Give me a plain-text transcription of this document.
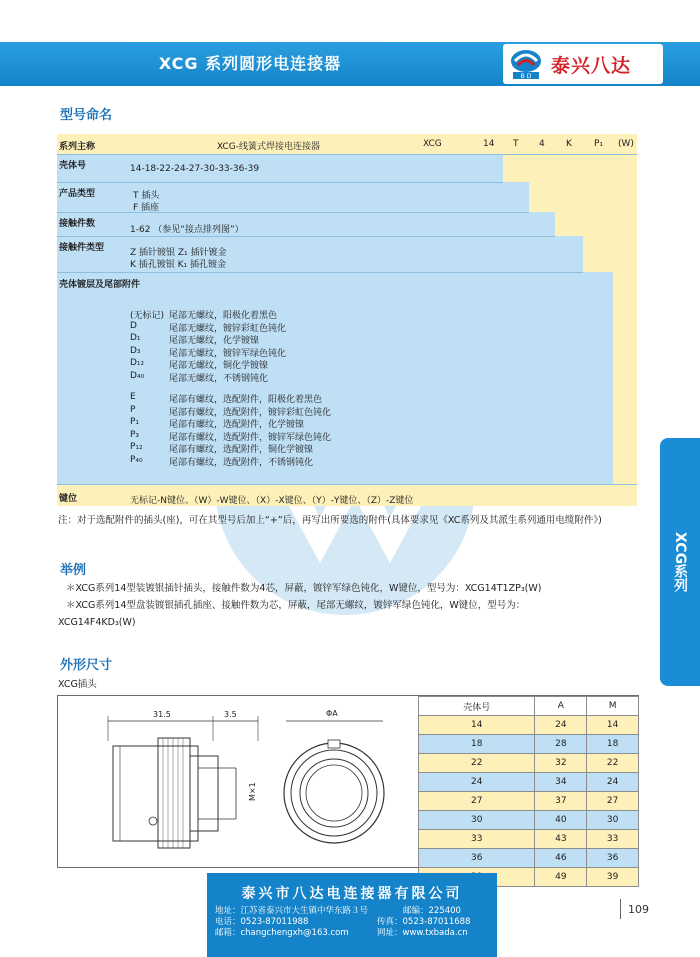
XCG 系列圆形电连接器
B D 泰兴八达
XCG系列
型号命名
系列主称	XCG-线簧式焊接电连接器
壳体号	14-18-22-24-27-30-33-36-39
产品类型	T 插头
F 插座
接触件数
1-62 （参见“接点排列图”）
接触件类型	Z 插针镀银 Z₁ 插针镀金
K 插孔镀银 K₁ 插孔镀金
壳体镀层及尾部附件
(无标记) 尾部无螺纹，阳极化着黑色
D	尾部无螺纹，镀锌彩虹色钝化
D₁	尾部无螺纹，化学镀镍
D₃	尾部无螺纹，镀锌军绿色钝化
D₁₂	尾部无螺纹，铜化学镀镍
D₄₀	尾部无螺纹，不锈钢钝化
E	尾部有螺纹，选配附件，阳极化着黑色
P	尾部有螺纹，选配附件，镀锌彩虹色钝化
P₁	尾部有螺纹，选配附件，化学镀镍
P₃	尾部有螺纹，选配附件，镀锌军绿色钝化
P₁₂	尾部有螺纹，选配附件，铜化学镀镍
P₄₀	尾部有螺纹，选配附件，不锈钢钝化
键位	无标记-N键位、（W）-W键位、（X）-X键位、（Y）-Y键位、（Z）-Z键位
XCG	14 T 4 K P₁ (W)
注：对于选配附件的插头(座)，可在其型号后加上“+”后，再写出所要选的附件(具体要求见《XC系列及其派生系列通用电缆附件》)
举例
＊XCG系列14型装镀银插针插头，接触件数为4芯，屏蔽，镀锌军绿色钝化，W键位，型号为：XCG14T1ZP₃(W)
＊XCG系列14型盘装镀银插孔插座、接触件数为芯，屏蔽，尾部无螺纹，镀锌军绿色钝化，W键位，型号为：
XCG14F4KD₃(W)
外形尺寸
XCG插头
31.5	3.5
M×1
ΦA
壳体号	A	M
14	24	14
18	28	18
22	32	22
24	34	24
27	37	27
30	40	30
33	43	33
36	46	36
	49	39
泰兴市八达电连接器有限公司
地址：江苏省泰兴市大生镇中华东路３号	邮编：225400
电话：0523-87011988	传真：0523-87011688
邮箱：changchengxh@163.com	网址：www.txbada.cn
109
